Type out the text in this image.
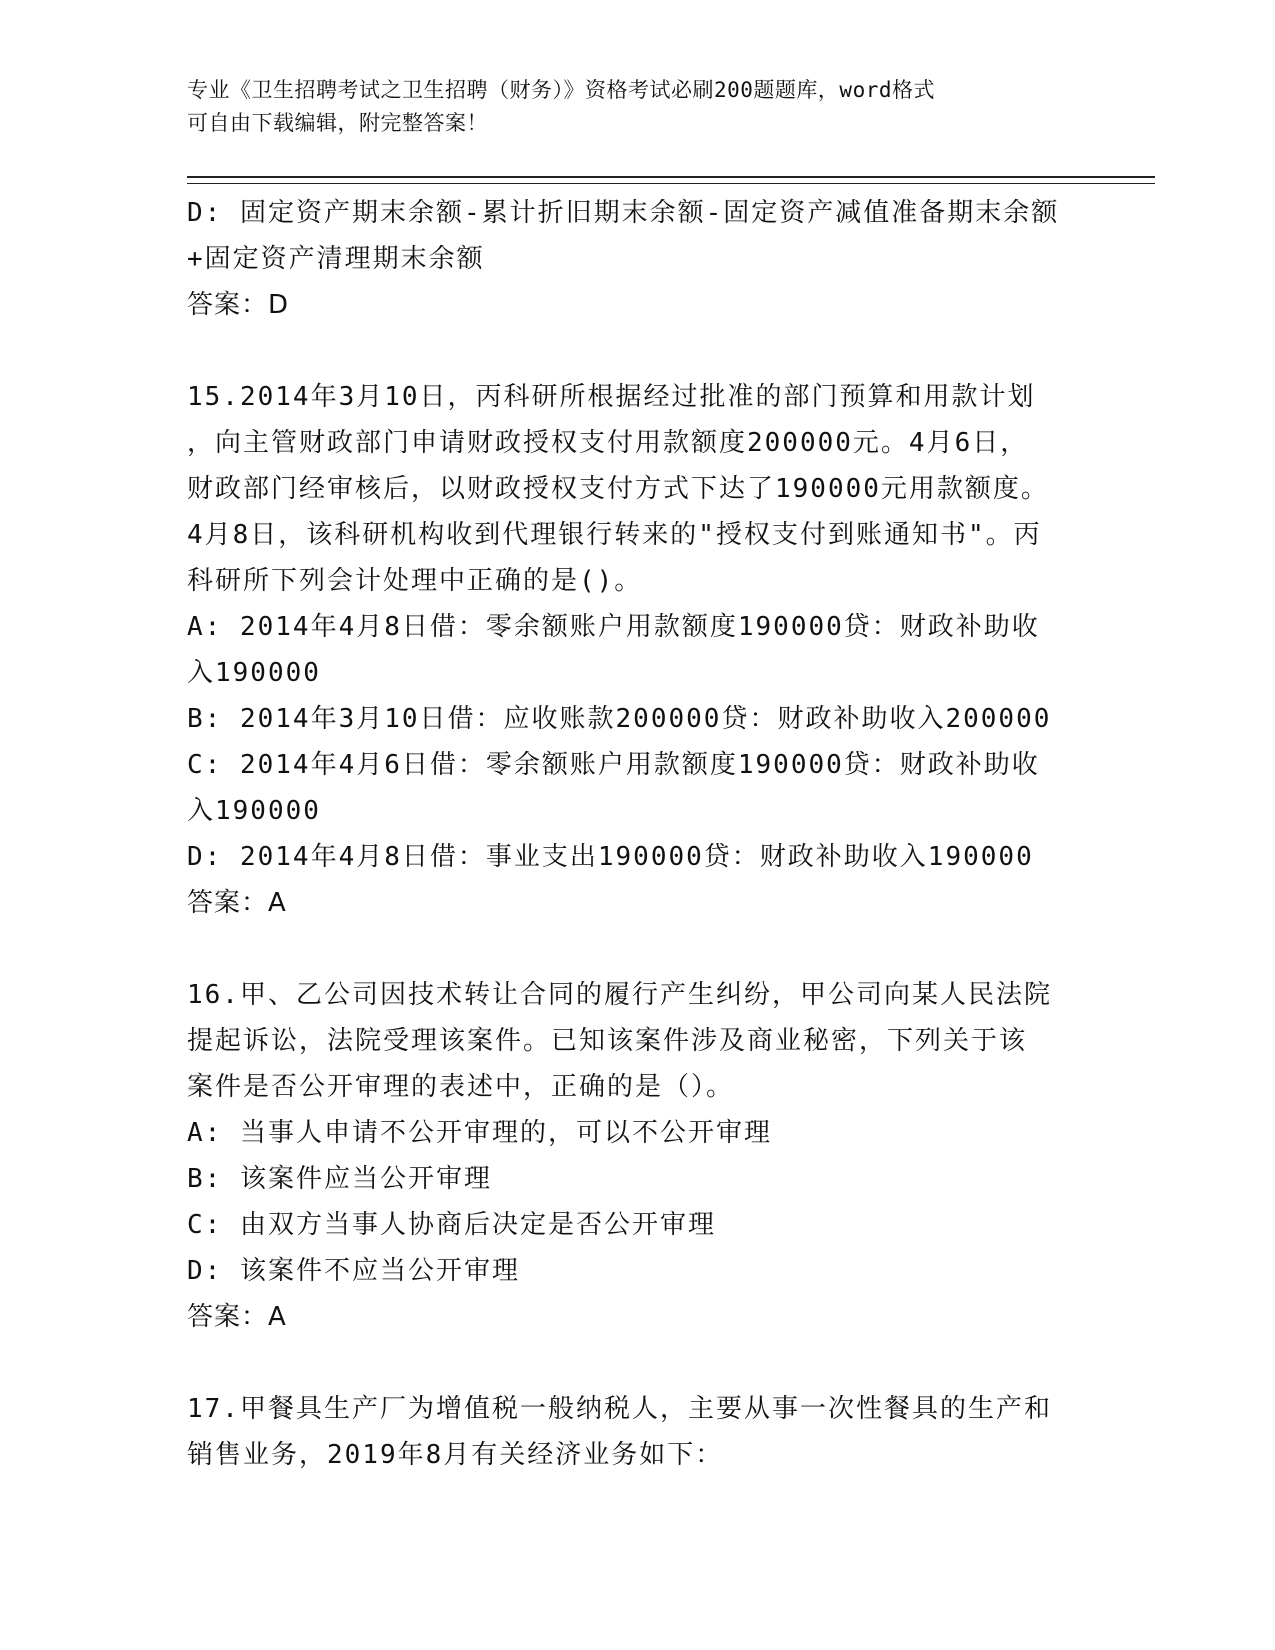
专业《卫生招聘考试之卫生招聘（财务）》资格考试必刷200题题库，word格式
可自由下载编辑，附完整答案！
D: 固定资产期末余额-累计折旧期末余额-固定资产减值准备期末余额
+固定资产清理期末余额
答案：D
15.2014年3月10日，丙科研所根据经过批准的部门预算和用款计划
，向主管财政部门申请财政授权支付用款额度200000元。4月6日，
财政部门经审核后，以财政授权支付方式下达了190000元用款额度。
4月8日，该科研机构收到代理银行转来的"授权支付到账通知书"。丙
科研所下列会计处理中正确的是()。
A: 2014年4月8日借：零余额账户用款额度190000贷：财政补助收
入190000
B: 2014年3月10日借：应收账款200000贷：财政补助收入200000
C: 2014年4月6日借：零余额账户用款额度190000贷：财政补助收
入190000
D: 2014年4月8日借：事业支出190000贷：财政补助收入190000
答案：A
16.甲、乙公司因技术转让合同的履行产生纠纷，甲公司向某人民法院
提起诉讼，法院受理该案件。已知该案件涉及商业秘密，下列关于该
案件是否公开审理的表述中，正确的是（）。
A: 当事人申请不公开审理的，可以不公开审理
B: 该案件应当公开审理
C: 由双方当事人协商后决定是否公开审理
D: 该案件不应当公开审理
答案：A
17.甲餐具生产厂为增值税一般纳税人，主要从事一次性餐具的生产和
销售业务，2019年8月有关经济业务如下：
